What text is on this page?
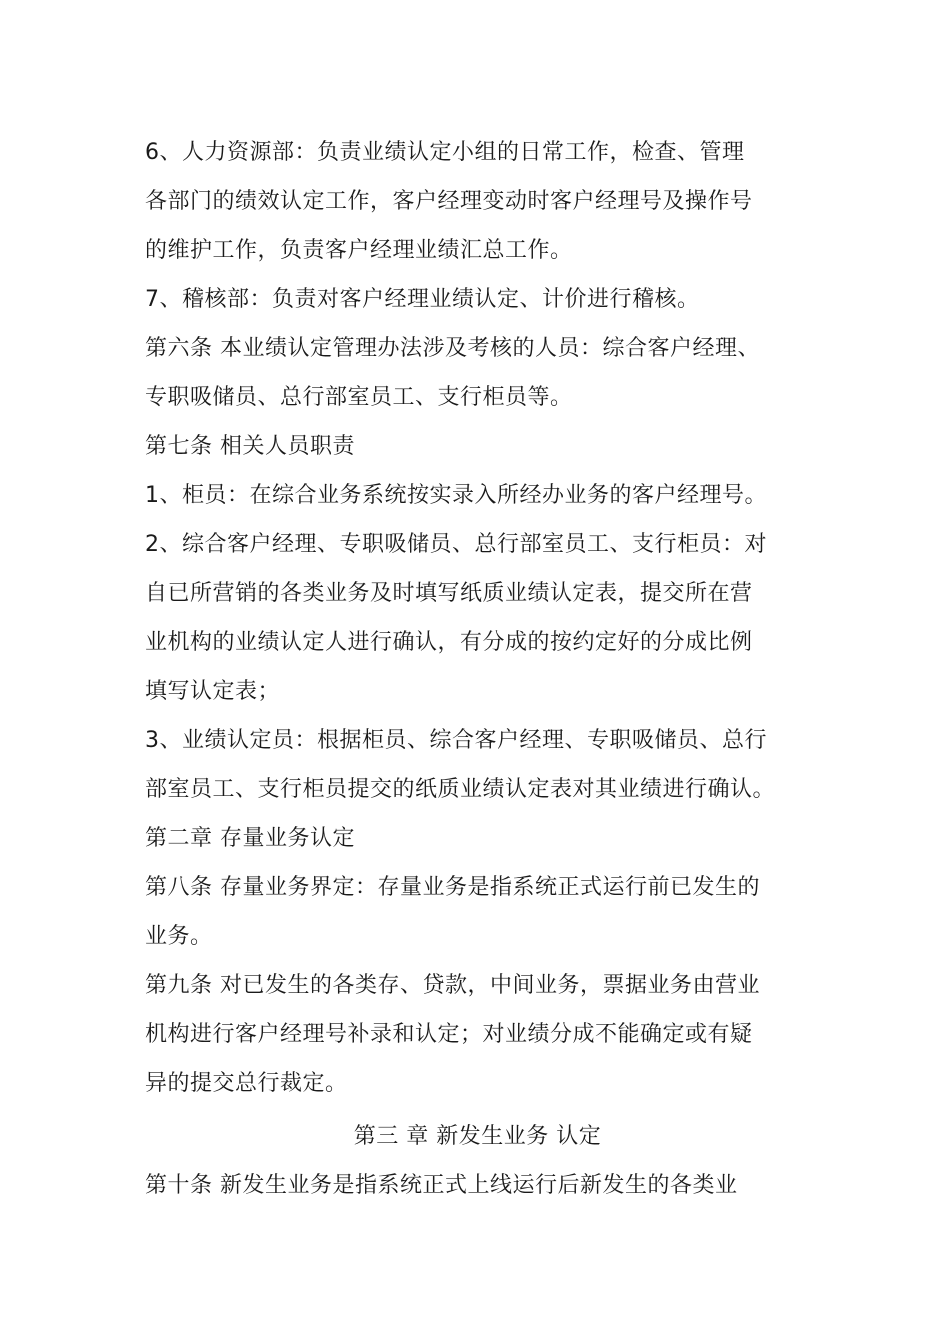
6、人力资源部：负责业绩认定小组的日常工作，检查、管理
各部门的绩效认定工作，客户经理变动时客户经理号及操作号
的维护工作，负责客户经理业绩汇总工作。
7、稽核部：负责对客户经理业绩认定、计价进行稽核。
第六条 本业绩认定管理办法涉及考核的人员：综合客户经理、
专职吸储员、总行部室员工、支行柜员等。
第七条 相关人员职责
1、柜员：在综合业务系统按实录入所经办业务的客户经理号。
2、综合客户经理、专职吸储员、总行部室员工、支行柜员：对
自已所营销的各类业务及时填写纸质业绩认定表，提交所在营
业机构的业绩认定人进行确认，有分成的按约定好的分成比例
填写认定表；
3、业绩认定员：根据柜员、综合客户经理、专职吸储员、总行
部室员工、支行柜员提交的纸质业绩认定表对其业绩进行确认。
第二章 存量业务认定
第八条 存量业务界定：存量业务是指系统正式运行前已发生的
业务。
第九条 对已发生的各类存、贷款，中间业务，票据业务由营业
机构进行客户经理号补录和认定；对业绩分成不能确定或有疑
异的提交总行裁定。
第三 章 新发生业务 认定
第十条 新发生业务是指系统正式上线运行后新发生的各类业
